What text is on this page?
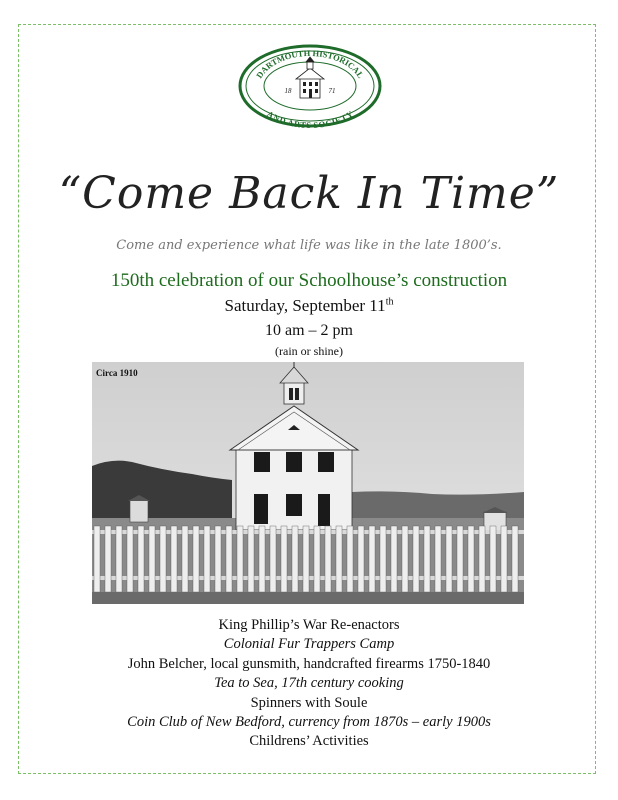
DARTMOUTH HISTORICAL
AND ARTS SOCIETY
18	71
“Come Back In Time”
Come and experience what life was like in the late 1800’s.
150th celebration of our Schoolhouse’s construction
Saturday, September 11th
10 am – 2 pm
(rain or shine)
Circa 1910
King Phillip’s War Re-enactors
Colonial Fur Trappers Camp
John Belcher, local gunsmith, handcrafted firearms 1750-1840
Tea to Sea, 17th century cooking
Spinners with Soule
Coin Club of New Bedford, currency from 1870s – early 1900s
Childrens’ Activities
